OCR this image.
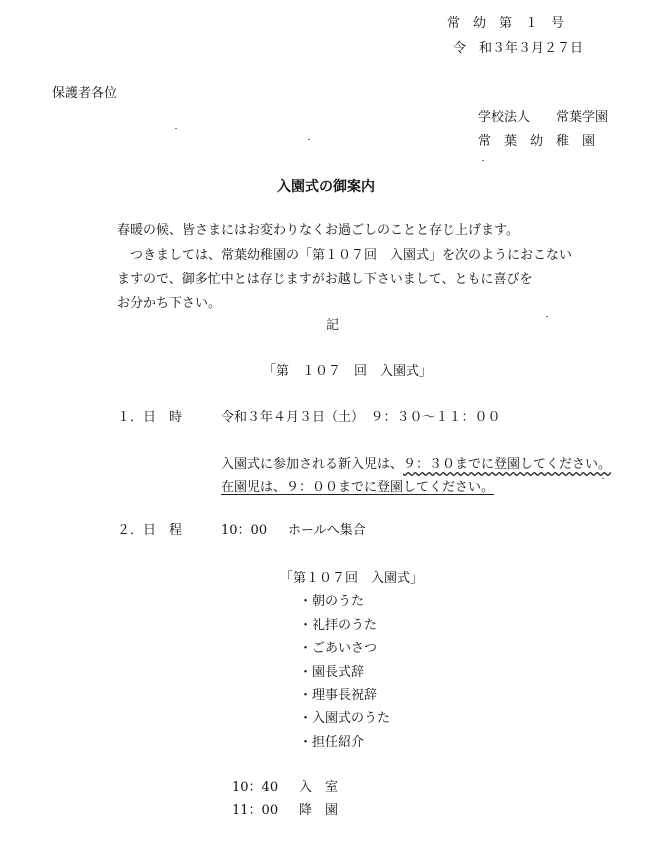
常　幼　第　１　号
令　和３年３月２７日
保護者各位
学校法人　　常葉学園
常　葉　幼　稚　園
入園式の御案内
春暖の候、皆さまにはお変わりなくお過ごしのことと存じ上げます。
　つきましては、常葉幼稚園の「第１０７回　入園式」を次のようにおこない
ますので、御多忙中とは存じますがお越し下さいまして、ともに喜びを
お分かち下さい。
記
「第　１０７　回　入園式」
１．日　時	令和３年４月３日（土）　９：３０～１１：００
入園式に参加される新入児は、９：３０までに登園してください。
在園児は、９：００までに登園してください。
２．日　程	10：00 ホールへ集合
「第１０７回　入園式」
・朝のうた
・礼拝のうた
・ごあいさつ
・園長式辞
・理事長祝辞
・入園式のうた
・担任紹介
10：40 入　室
11：00 降　園
